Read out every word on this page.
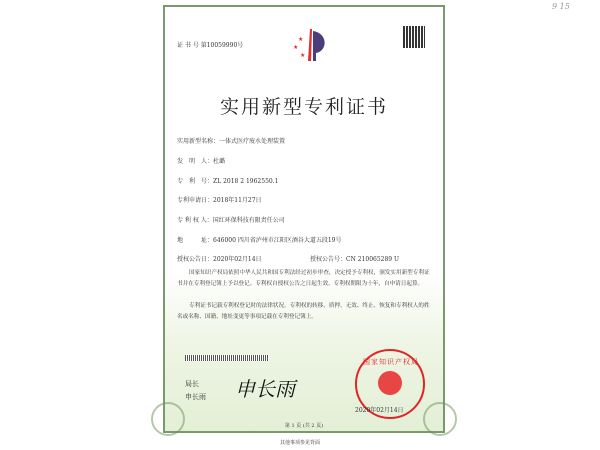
9 15
证 书 号 第10059990号
★
★
★
实用新型专利证书
实用新型名称：一体式医疗废水处理装置
发　明　人：杜璐
专　利　号：ZL 2018 2 1962550.1
专利申请日：2018年11月27日
专 利 权 人：国红环保科技有限责任公司
地　　　址：646000 四川省泸州市江阳区酒谷大道五段19号
授权公告日：2020年02月14日	授权公告号：CN 210065289 U
国家知识产权局依照中华人民共和国专利法经过初步审查，决定授予专利权，颁发实用新型专利证书并在专利登记簿上予以登记。专利权自授权公告之日起生效。专利权期限为十年，自申请日起算。
专利证书记载专利权登记时的法律状况。专利权的转移、质押、无效、终止、恢复和专利权人的姓名或名称、国籍、地址变更等事项记载在专利登记簿上。
局长
申长雨 申长雨
国家知识产权局
2020年02月14日
第 1 页 (共 2 页)
其他事项参见背面
